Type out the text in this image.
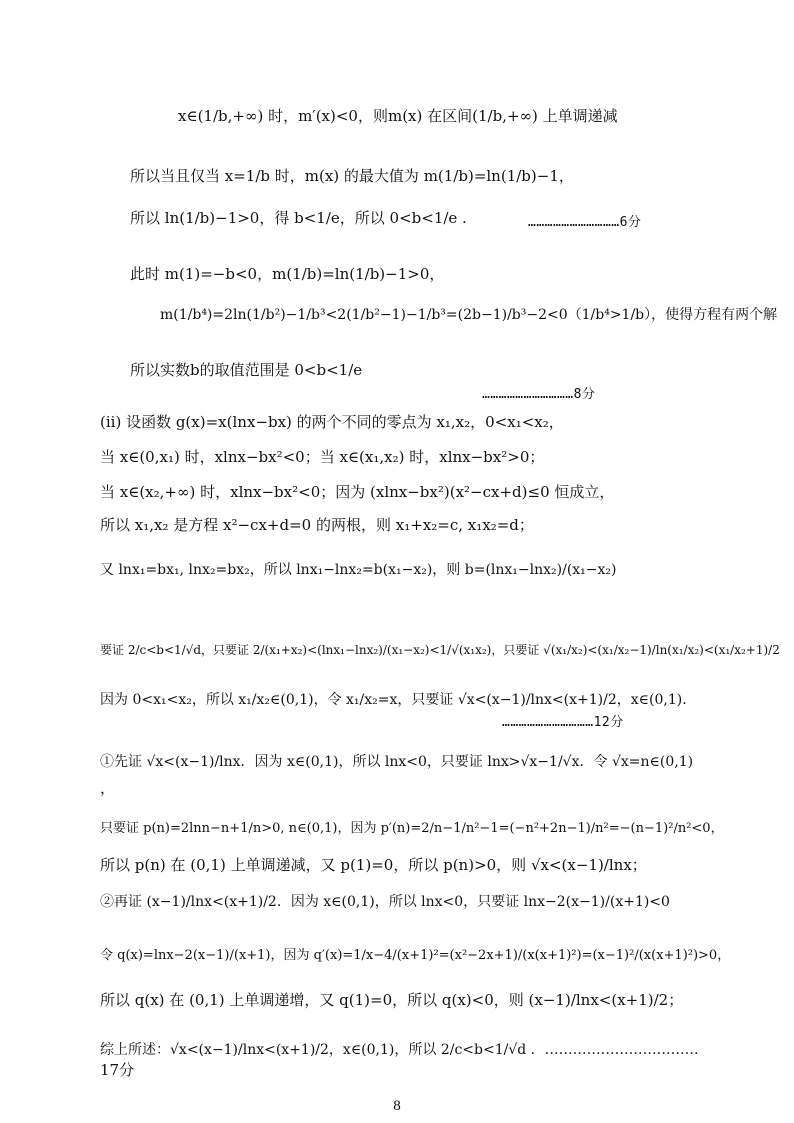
x∈(1/b,+∞) 时，m′(x)<0，则m(x) 在区间(1/b,+∞) 上单调递减
所以当且仅当 x=1/b 时，m(x) 的最大值为 m(1/b)=ln(1/b)−1，
所以 ln(1/b)−1>0，得 b<1/e，所以 0<b<1/e .	……………………………6分
此时 m(1)=−b<0，m(1/b)=ln(1/b)−1>0，
m(1/b⁴)=2ln(1/b²)−1/b³<2(1/b²−1)−1/b³=(2b−1)/b³−2<0（1/b⁴>1/b），使得方程有两个解
所以实数b的取值范围是 0<b<1/e
……………………………8分
(ii) 设函数 g(x)=x(lnx−bx) 的两个不同的零点为 x₁,x₂，0<x₁<x₂，
当 x∈(0,x₁) 时，xlnx−bx²<0；当 x∈(x₁,x₂) 时，xlnx−bx²>0；
当 x∈(x₂,+∞) 时，xlnx−bx²<0；因为 (xlnx−bx²)(x²−cx+d)≤0 恒成立，
所以 x₁,x₂ 是方程 x²−cx+d=0 的两根，则 x₁+x₂=c, x₁x₂=d；
又 lnx₁=bx₁, lnx₂=bx₂，所以 lnx₁−lnx₂=b(x₁−x₂)，则 b=(lnx₁−lnx₂)/(x₁−x₂)
要证 2/c<b<1/√d，只要证 2/(x₁+x₂)<(lnx₁−lnx₂)/(x₁−x₂)<1/√(x₁x₂)，只要证 √(x₁/x₂)<(x₁/x₂−1)/ln(x₁/x₂)<(x₁/x₂+1)/2
因为 0<x₁<x₂，所以 x₁/x₂∈(0,1)，令 x₁/x₂=x，只要证 √x<(x−1)/lnx<(x+1)/2，x∈(0,1).
……………………………12分
①先证 √x<(x−1)/lnx．因为 x∈(0,1)，所以 lnx<0，只要证 lnx>√x−1/√x．令 √x=n∈(0,1)
，
只要证 p(n)=2lnn−n+1/n>0, n∈(0,1)，因为 p′(n)=2/n−1/n²−1=(−n²+2n−1)/n²=−(n−1)²/n²<0，
所以 p(n) 在 (0,1) 上单调递减，又 p(1)=0，所以 p(n)>0，则 √x<(x−1)/lnx；
②再证 (x−1)/lnx<(x+1)/2．因为 x∈(0,1)，所以 lnx<0，只要证 lnx−2(x−1)/(x+1)<0
令 q(x)=lnx−2(x−1)/(x+1)，因为 q′(x)=1/x−4/(x+1)²=(x²−2x+1)/(x(x+1)²)=(x−1)²/(x(x+1)²)>0，
所以 q(x) 在 (0,1) 上单调递增，又 q(1)=0，所以 q(x)<0，则 (x−1)/lnx<(x+1)/2；
综上所述：√x<(x−1)/lnx<(x+1)/2，x∈(0,1)，所以 2/c<b<1/√d ．……………………………
17分
8
